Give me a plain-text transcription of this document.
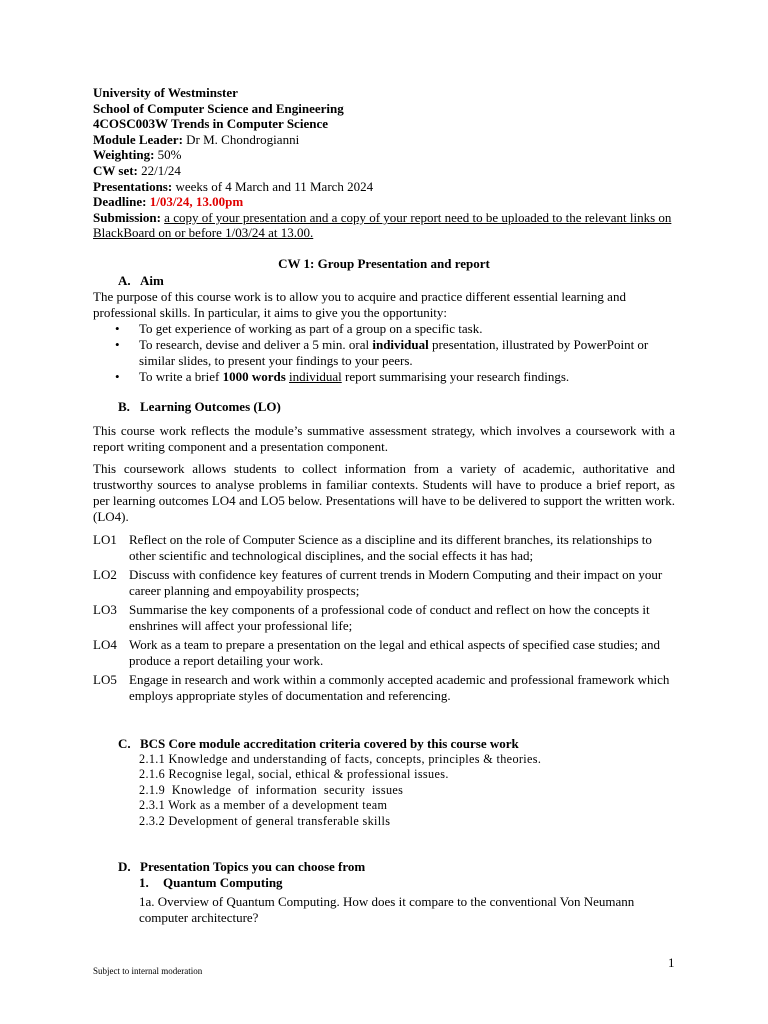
University of Westminster
School of Computer Science and Engineering
4COSC003W Trends in Computer Science
Module Leader: Dr M. Chondrogianni
Weighting: 50%
CW set: 22/1/24
Presentations: weeks of 4 March and 11 March 2024
Deadline: 1/03/24, 13.00pm
Submission: a copy of your presentation and a copy of your report need to be uploaded to the relevant links on BlackBoard on or before 1/03/24 at 13.00.
CW 1: Group Presentation and report
A. Aim
The purpose of this course work is to allow you to acquire and practice different essential learning and professional skills. In particular, it aims to give you the opportunity:
• To get experience of working as part of a group on a specific task.
• To research, devise and deliver a 5 min. oral individual presentation, illustrated by PowerPoint or similar slides, to present your findings to your peers.
• To write a brief 1000 words individual report summarising your research findings.
B. Learning Outcomes (LO)
This course work reflects the module’s summative assessment strategy, which involves a coursework with a report writing component and a presentation component.
This coursework allows students to collect information from a variety of academic, authoritative and trustworthy sources to analyse problems in familiar contexts. Students will have to produce a brief report, as per learning outcomes LO4 and LO5 below. Presentations will have to be delivered to support the written work.(LO4).
LO1 Reflect on the role of Computer Science as a discipline and its different branches, its relationships to other scientific and technological disciplines, and the social effects it has had;
LO2 Discuss with confidence key features of current trends in Modern Computing and their impact on your career planning and empoyability prospects;
LO3 Summarise the key components of a professional code of conduct and reflect on how the concepts it enshrines will affect your professional life;
LO4 Work as a team to prepare a presentation on the legal and ethical aspects of specified case studies; and produce a report detailing your work.
LO5 Engage in research and work within a commonly accepted academic and professional framework which employs appropriate styles of documentation and referencing.
C. BCS Core module accreditation criteria covered by this course work
2.1.1 Knowledge and understanding of facts, concepts, principles & theories.
2.1.6 Recognise legal, social, ethical & professional issues.
2.1.9  Knowledge  of  information  security  issues
2.3.1 Work as a member of a development team
2.3.2 Development of general transferable skills
D. Presentation Topics you can choose from
1. Quantum Computing
1a. Overview of Quantum Computing. How does it compare to the conventional Von Neumann computer architecture?
1
Subject to internal moderation
